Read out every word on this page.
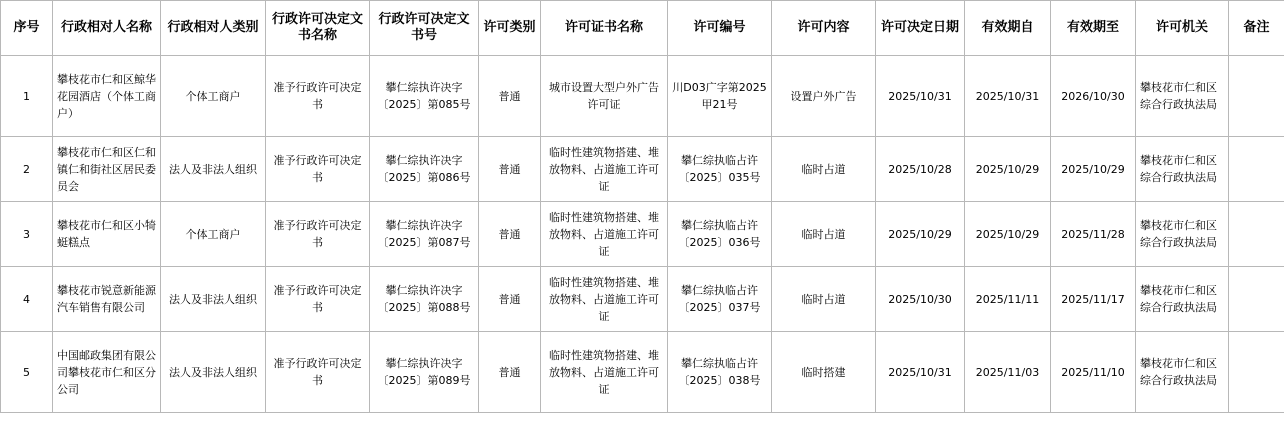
序号	行政相对人名称	行政相对人类别	行政许可决定文书名称	行政许可决定文书号	许可类别	许可证书名称	许可编号	许可内容	许可决定日期	有效期自	有效期至	许可机关	备注
1	攀枝花市仁和区鲸华花园酒店（个体工商户）	个体工商户	准予行政许可决定书	攀仁综执许决字〔2025〕第085号	普通	城市设置大型户外广告许可证	川D03广字第2025甲21号	设置户外广告	2025/10/31	2025/10/31	2026/10/30	攀枝花市仁和区综合行政执法局	
2	攀枝花市仁和区仁和镇仁和街社区居民委员会	法人及非法人组织	准予行政许可决定书	攀仁综执许决字〔2025〕第086号	普通	临时性建筑物搭建、堆放物料、占道施工许可证	攀仁综执临占许〔2025〕035号	临时占道	2025/10/28	2025/10/29	2025/10/29	攀枝花市仁和区综合行政执法局	
3	攀枝花市仁和区小犄蜓糕点	个体工商户	准予行政许可决定书	攀仁综执许决字〔2025〕第087号	普通	临时性建筑物搭建、堆放物料、占道施工许可证	攀仁综执临占许〔2025〕036号	临时占道	2025/10/29	2025/10/29	2025/11/28	攀枝花市仁和区综合行政执法局	
4	攀枝花市锐意新能源汽车销售有限公司	法人及非法人组织	准予行政许可决定书	攀仁综执许决字〔2025〕第088号	普通	临时性建筑物搭建、堆放物料、占道施工许可证	攀仁综执临占许〔2025〕037号	临时占道	2025/10/30	2025/11/11	2025/11/17	攀枝花市仁和区综合行政执法局	
5	中国邮政集团有限公司攀枝花市仁和区分公司	法人及非法人组织	准予行政许可决定书	攀仁综执许决字〔2025〕第089号	普通	临时性建筑物搭建、堆放物料、占道施工许可证	攀仁综执临占许〔2025〕038号	临时搭建	2025/10/31	2025/11/03	2025/11/10	攀枝花市仁和区综合行政执法局	
